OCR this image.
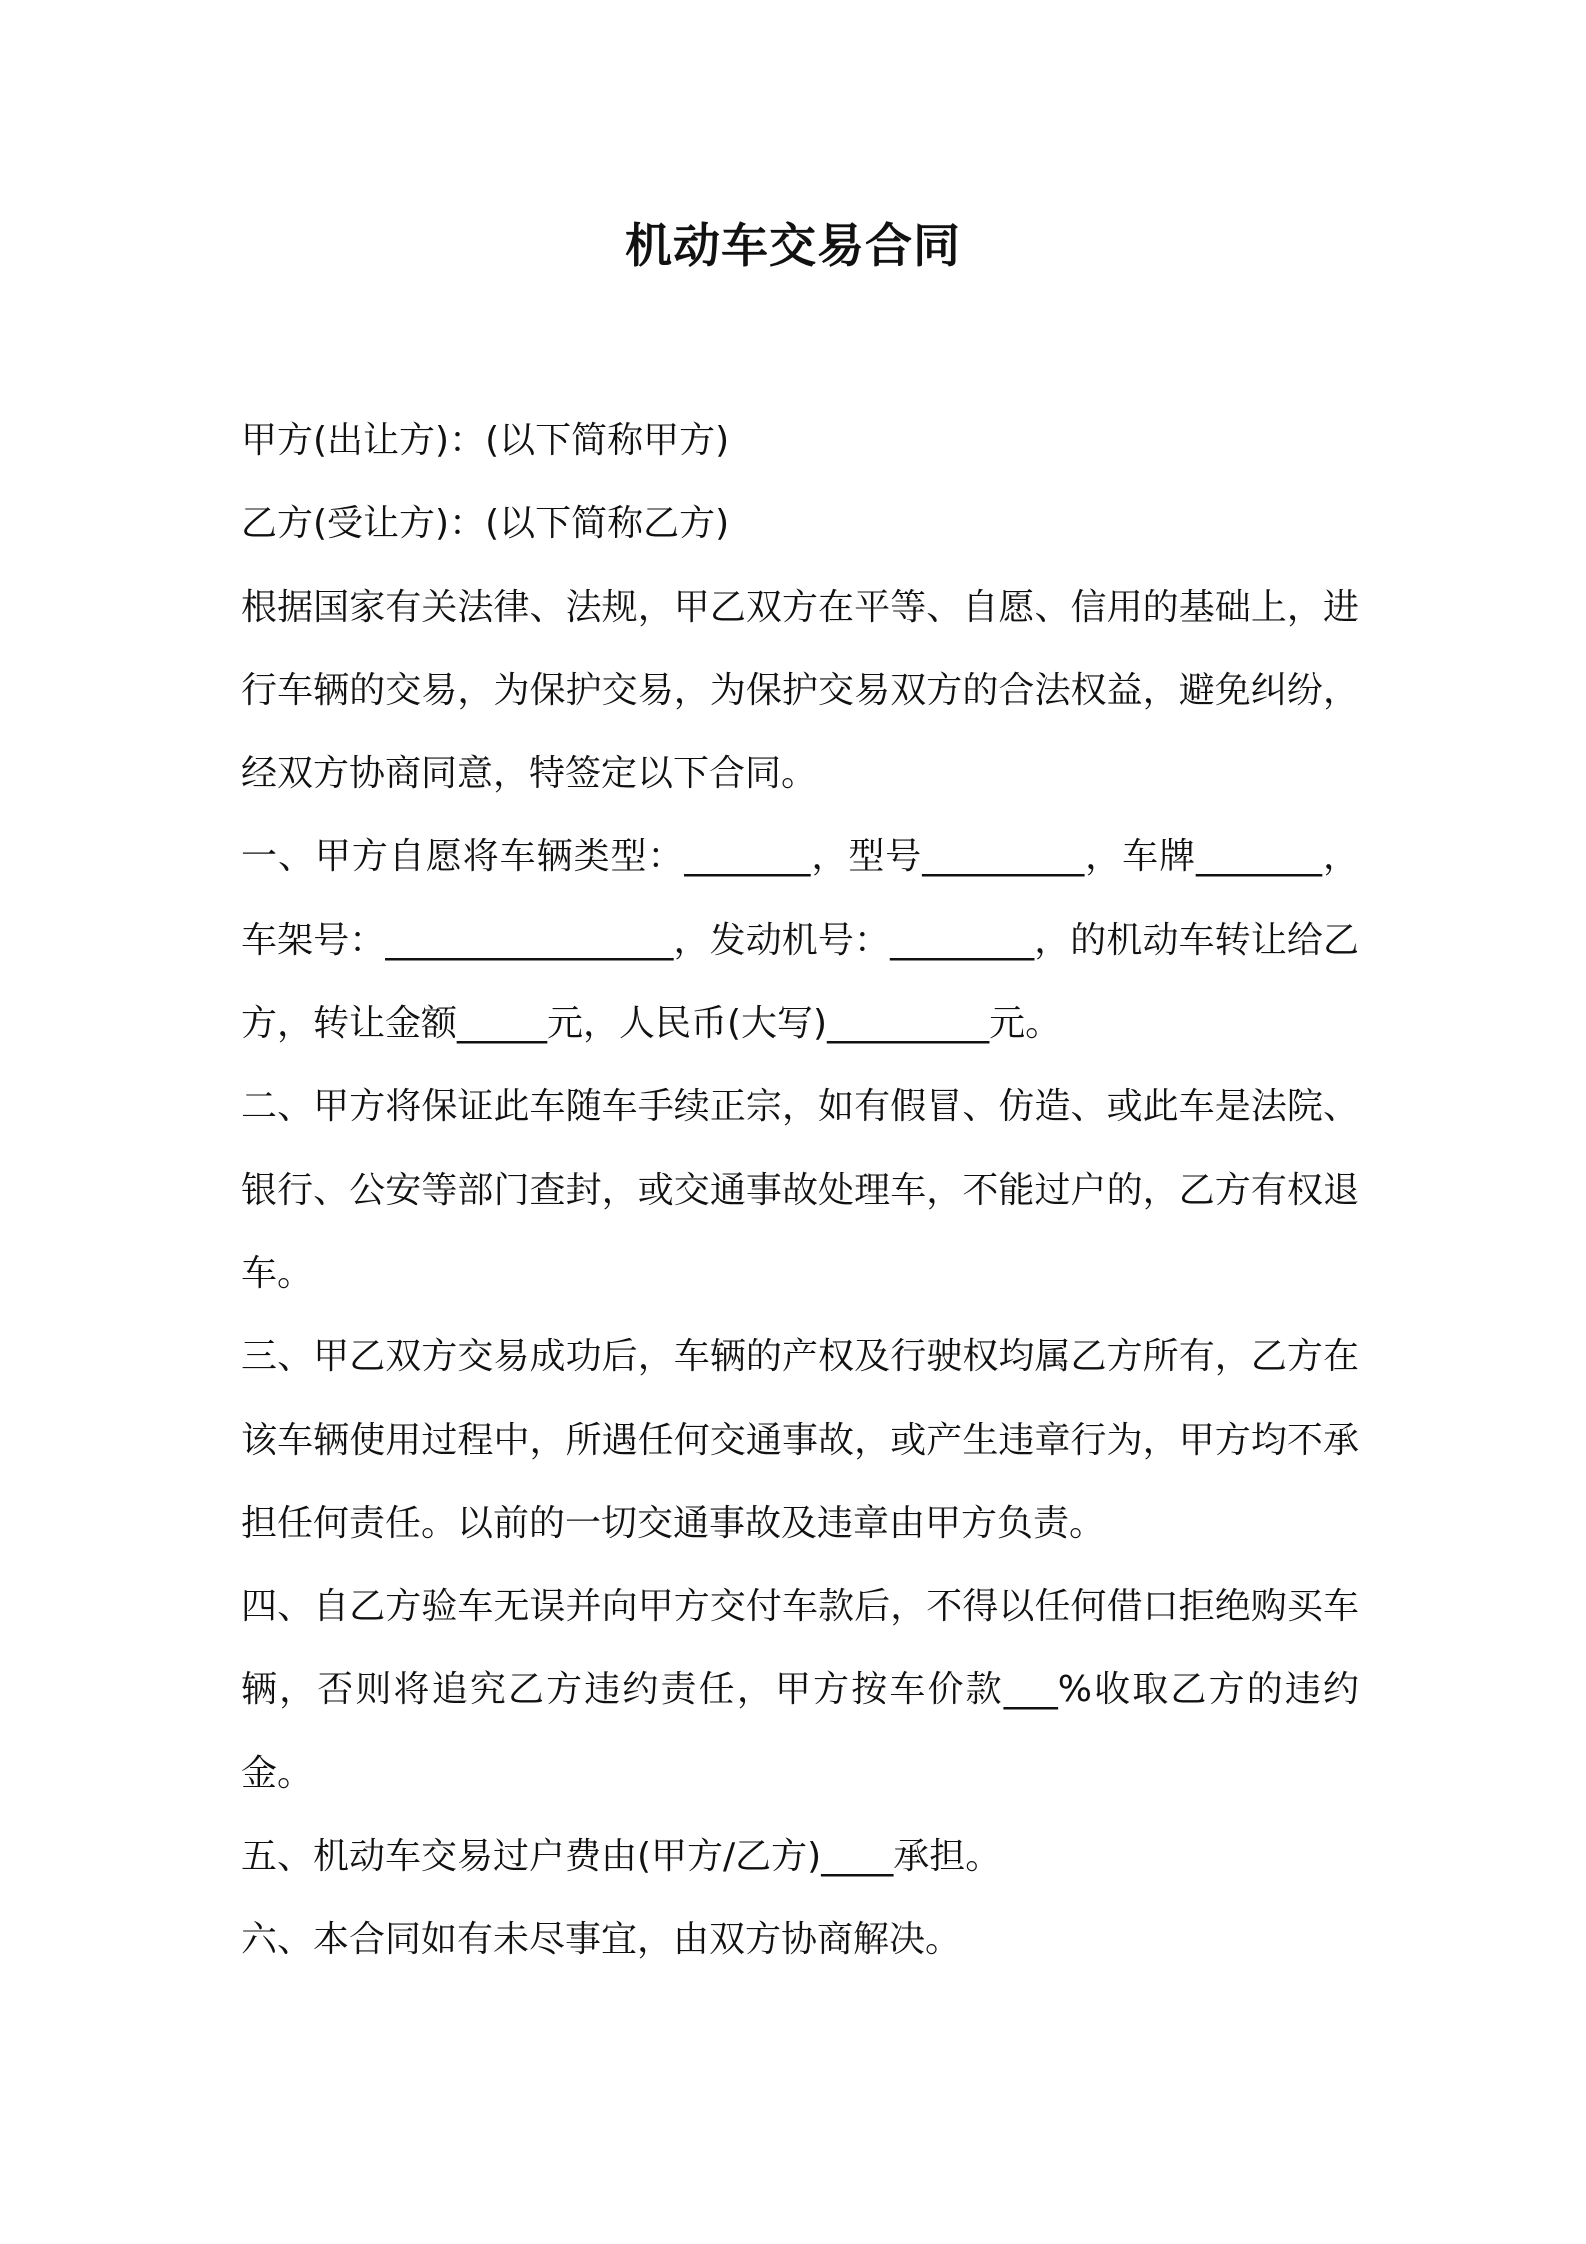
机动车交易合同

甲方(出让方)：(以下简称甲方)

乙方(受让方)：(以下简称乙方)

根据国家有关法律、法规，甲乙双方在平等、自愿、信用的基础上，进行车辆的交易，为保护交易，为保护交易双方的合法权益，避免纠纷，经双方协商同意，特签定以下合同。

一、甲方自愿将车辆类型：_______，型号_________，车牌_______，车架号：________________，发动机号：________，的机动车转让给乙方，转让金额_____元，人民币(大写)_________元。

二、甲方将保证此车随车手续正宗，如有假冒、仿造、或此车是法院、银行、公安等部门查封，或交通事故处理车，不能过户的，乙方有权退车。

三、甲乙双方交易成功后，车辆的产权及行驶权均属乙方所有，乙方在该车辆使用过程中，所遇任何交通事故，或产生违章行为，甲方均不承担任何责任。以前的一切交通事故及违章由甲方负责。

四、自乙方验车无误并向甲方交付车款后，不得以任何借口拒绝购买车辆，否则将追究乙方违约责任，甲方按车价款___%收取乙方的违约金。

五、机动车交易过户费由(甲方/乙方)____承担。

六、本合同如有未尽事宜，由双方协商解决。
